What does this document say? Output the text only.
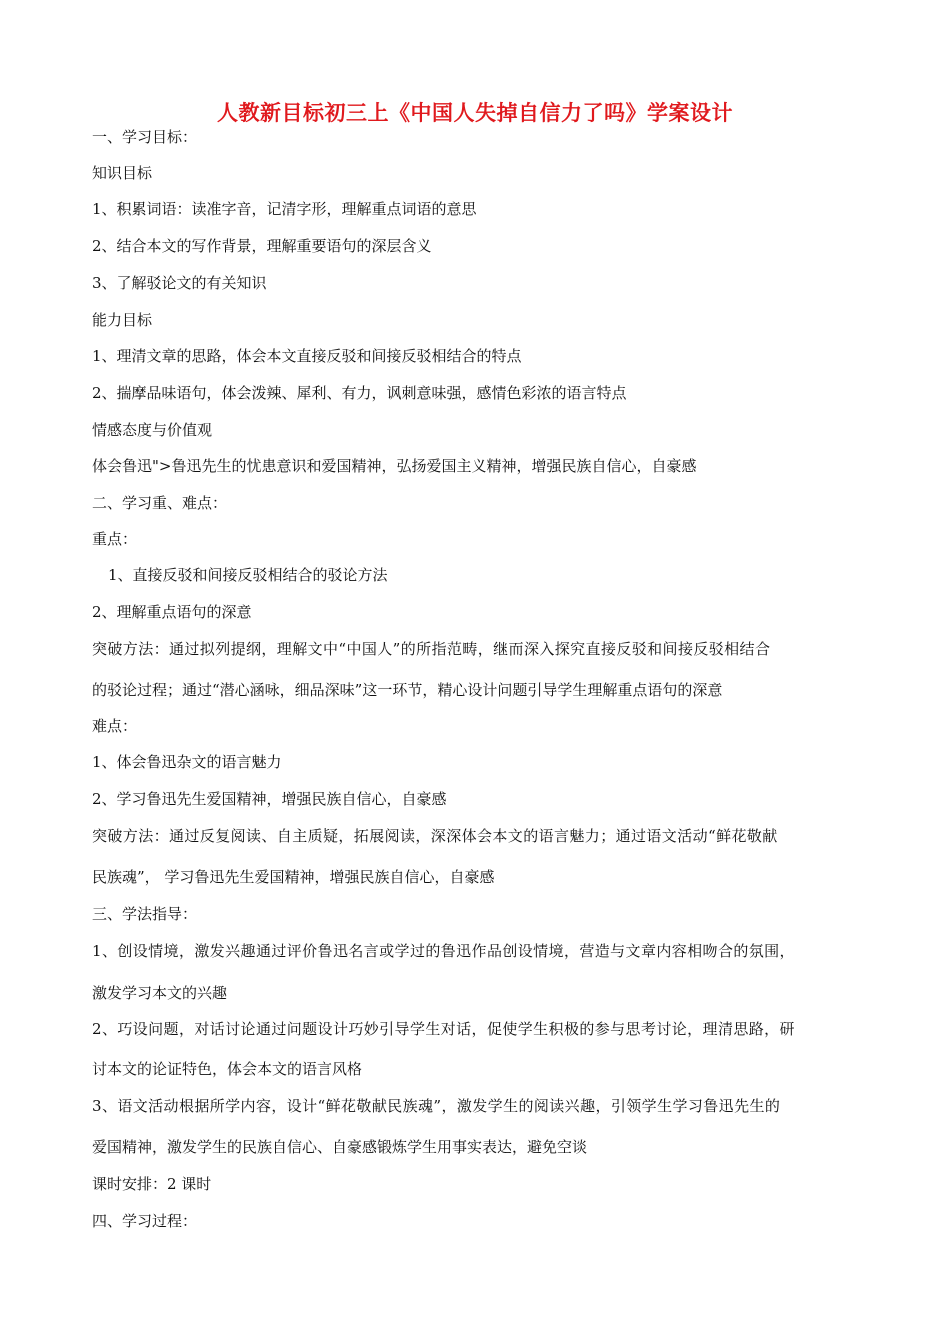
人教新目标初三上《中国人失掉自信力了吗》学案设计
一、学习目标：
知识目标
1、积累词语：读准字音，记清字形，理解重点词语的意思
2、结合本文的写作背景，理解重要语句的深层含义
3、了解驳论文的有关知识
能力目标
1、理清文章的思路，体会本文直接反驳和间接反驳相结合的特点
2、揣摩品味语句，体会泼辣、犀利、有力，讽刺意味强，感情色彩浓的语言特点
情感态度与价值观
体会鲁迅">鲁迅先生的忧患意识和爱国精神，弘扬爱国主义精神，增强民族自信心，自豪感
二、学习重、难点：
重点：
1、直接反驳和间接反驳相结合的驳论方法
2、理解重点语句的深意
突破方法：通过拟列提纲，理解文中“中国人”的所指范畴，继而深入探究直接反驳和间接反驳相结合
的驳论过程；通过“潜心涵咏，细品深味”这一环节，精心设计问题引导学生理解重点语句的深意
难点：
1、体会鲁迅杂文的语言魅力
2、学习鲁迅先生爱国精神，增强民族自信心，自豪感
突破方法：通过反复阅读、自主质疑，拓展阅读，深深体会本文的语言魅力；通过语文活动“鲜花敬献
民族魂”， 学习鲁迅先生爱国精神，增强民族自信心，自豪感
三、学法指导：
1、创设情境，激发兴趣通过评价鲁迅名言或学过的鲁迅作品创设情境，营造与文章内容相吻合的氛围，
激发学习本文的兴趣
2、巧设问题，对话讨论通过问题设计巧妙引导学生对话，促使学生积极的参与思考讨论，理清思路，研
讨本文的论证特色，体会本文的语言风格
3、语文活动根据所学内容，设计“鲜花敬献民族魂”，激发学生的阅读兴趣，引领学生学习鲁迅先生的
爱国精神，激发学生的民族自信心、自豪感锻炼学生用事实表达，避免空谈
课时安排：2 课时
四、学习过程：
